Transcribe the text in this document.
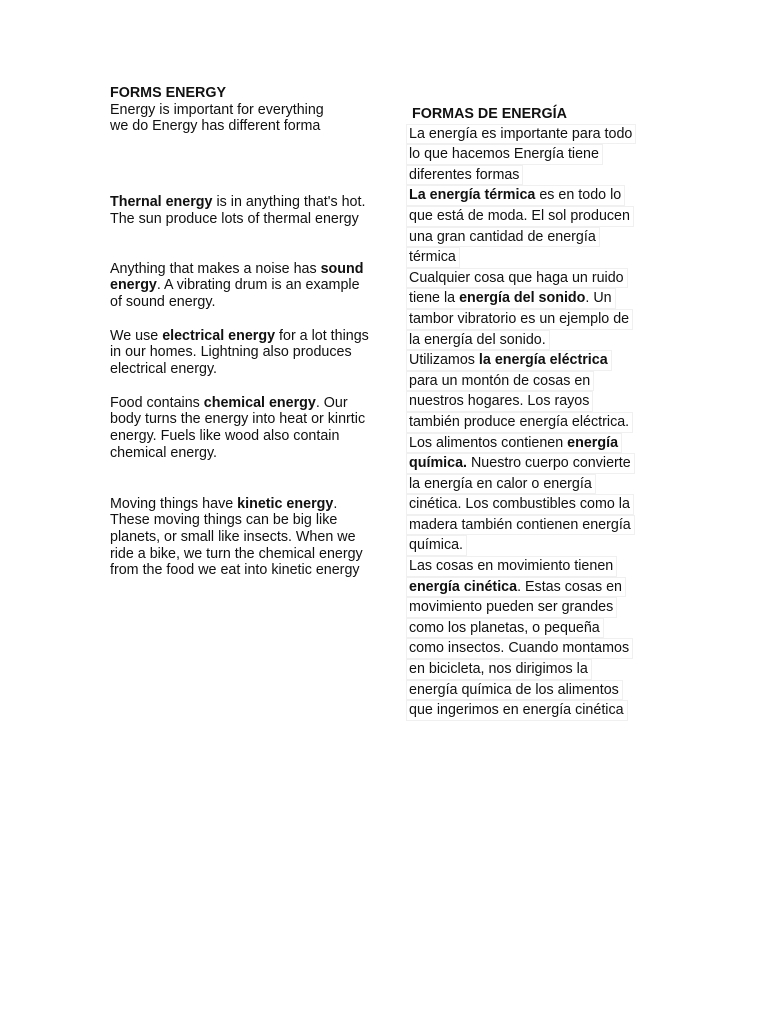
FORMS ENERGY

Energy is important for everything
we do Energy has different forma

Thernal energy is in anything that's hot. The sun produce lots of thermal energy

Anything that makes a noise has sound energy. A vibrating drum is an example of sound energy.

We use electrical energy for a lot things in our homes. Lightning also produces electrical energy.

Food contains chemical energy. Our body turns the energy into heat or kinrtic energy. Fuels like wood also contain chemical energy.

Moving things have kinetic energy. These moving things can be big like planets, or small like insects. When we ride a bike, we turn the chemical energy from the food we eat into kinetic energy

FORMAS DE ENERGÍA
La energía es importante para todo
lo que hacemos Energía tiene
diferentes formas
La energía térmica es en todo lo
que está de moda. El sol producen
una gran cantidad de energía
térmica
Cualquier cosa que haga un ruido
tiene la energía del sonido. Un
tambor vibratorio es un ejemplo de
la energía del sonido.
Utilizamos la energía eléctrica
para un montón de cosas en
nuestros hogares. Los rayos
también produce energía eléctrica.
Los alimentos contienen energía
química. Nuestro cuerpo convierte
la energía en calor o energía
cinética. Los combustibles como la
madera también contienen energía
química.
Las cosas en movimiento tienen
energía cinética. Estas cosas en
movimiento pueden ser grandes
como los planetas, o pequeña
como insectos. Cuando montamos
en bicicleta, nos dirigimos la
energía química de los alimentos
que ingerimos en energía cinética
